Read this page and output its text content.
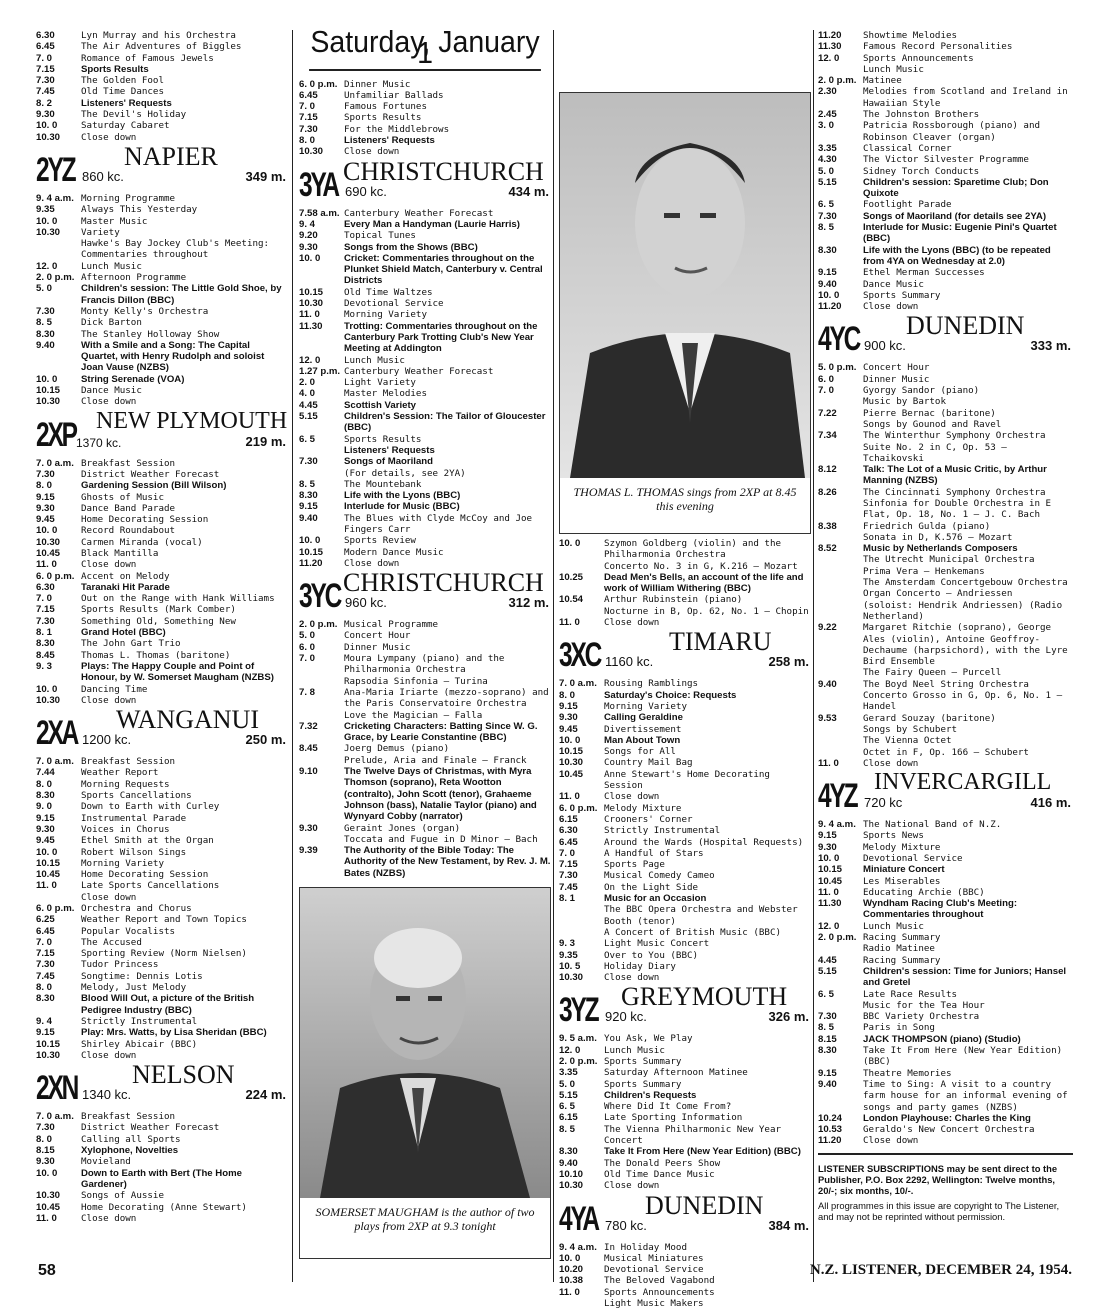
6.30	Lyn Murray and his Orchestra
6.45	The Air Adventures of Biggles
7. 0	Romance of Famous Jewels
7.15	Sports Results
7.30	The Golden Fool
7.45	Old Time Dances
8. 2	Listeners' Requests
9.30	The Devil's Holiday
10. 0	Saturday Cabaret
10.30	Close down
2YZ 860 kc.
NAPIER
349 m.
9. 4 a.m. Morning Programme
9.35	Always This Yesterday
10. 0	Master Music
10.30	Variety
Hawke's Bay Jockey Club's Meeting: Commentaries throughout
12. 0	Lunch Music
2. 0 p.m. Afternoon Programme
5. 0	Children's session: The Little Gold Shoe, by Francis Dillon (BBC)
7.30	Monty Kelly's Orchestra
8. 5	Dick Barton
8.30	The Stanley Holloway Show
9.40	With a Smile and a Song: The Capital Quartet, with Henry Rudolph and soloist Joan Vause (NZBS)
10. 0	String Serenade (VOA)
10.15	Dance Music
10.30	Close down
2XP 1370 kc.
NEW PLYMOUTH
219 m.
7. 0 a.m. Breakfast Session
7.30	District Weather Forecast
8. 0	Gardening Session (Bill Wilson)
9.15	Ghosts of Music
9.30	Dance Band Parade
9.45	Home Decorating Session
10. 0	Record Roundabout
10.30	Carmen Miranda (vocal)
10.45	Black Mantilla
11. 0	Close down
6. 0 p.m. Accent on Melody
6.30	Taranaki Hit Parade
7. 0	Out on the Range with Hank Williams
7.15	Sports Results (Mark Comber)
7.30	Something Old, Something New
8. 1	Grand Hotel (BBC)
8.30	The John Gart Trio
8.45	Thomas L. Thomas (baritone)
9. 3	Plays: The Happy Couple and Point of Honour, by W. Somerset Maugham (NZBS)
10. 0	Dancing Time
10.30	Close down
2XA 1200 kc.
WANGANUI
250 m.
7. 0 a.m. Breakfast Session
7.44	Weather Report
8. 0	Morning Requests
8.30	Sports Cancellations
9. 0	Down to Earth with Curley
9.15	Instrumental Parade
9.30	Voices in Chorus
9.45	Ethel Smith at the Organ
10. 0	Robert Wilson Sings
10.15	Morning Variety
10.45	Home Decorating Session
11. 0	Late Sports Cancellations
Close down
6. 0 p.m. Orchestra and Chorus
6.25	Weather Report and Town Topics
6.45	Popular Vocalists
7. 0	The Accused
7.15	Sporting Review (Norm Nielsen)
7.30	Tudor Princess
7.45	Songtime: Dennis Lotis
8. 0	Melody, Just Melody
8.30	Blood Will Out, a picture of the British Pedigree Industry (BBC)
9. 4	Strictly Instrumental
9.15	Play: Mrs. Watts, by Lisa Sheridan (BBC)
10.15	Shirley Abicair (BBC)
10.30	Close down
2XN 1340 kc.
NELSON
224 m.
7. 0 a.m. Breakfast Session
7.30	District Weather Forecast
8. 0	Calling all Sports
8.15	Xylophone, Novelties
9.30	Movieland
10. 0	Down to Earth with Bert (The Home Gardener)
10.30	Songs of Aussie
10.45	Home Decorating (Anne Stewart)
11. 0	Close down
Saturday, January 1
6. 0 p.m. Dinner Music
6.45	Unfamiliar Ballads
7. 0	Famous Fortunes
7.15	Sports Results
7.30	For the Middlebrows
8. 0	Listeners' Requests
10.30	Close down
3YA 690 kc.
CHRISTCHURCH
434 m.
7.58 a.m. Canterbury Weather Forecast
9. 4	Every Man a Handyman (Laurie Harris)
9.20	Topical Tunes
9.30	Songs from the Shows (BBC)
10. 0	Cricket: Commentaries throughout on the Plunket Shield Match, Canterbury v. Central Districts
10.15	Old Time Waltzes
10.30	Devotional Service
11. 0	Morning Variety
11.30	Trotting: Commentaries throughout on the Canterbury Park Trotting Club's New Year Meeting at Addington
12. 0	Lunch Music
1.27 p.m. Canterbury Weather Forecast
2. 0	Light Variety
4. 0	Master Melodies
4.45	Scottish Variety
5.15	Children's Session: The Tailor of Gloucester (BBC)
6. 5	Sports Results
Listeners' Requests
7.30	Songs of Maoriland
(For details, see 2YA)
8. 5	The Mountebank
8.30	Life with the Lyons (BBC)
9.15	Interlude for Music (BBC)
9.40	The Blues with Clyde McCoy and Joe Fingers Carr
10. 0	Sports Review
10.15	Modern Dance Music
11.20	Close down
3YC 960 kc.
CHRISTCHURCH
312 m.
2. 0 p.m. Musical Programme
5. 0	Concert Hour
6. 0	Dinner Music
7. 0	Moura Lympany (piano) and the Philharmonia Orchestra
Rapsodia Sinfonia — Turina
7. 8	Ana-Maria Iriarte (mezzo-soprano) and the Paris Conservatoire Orchestra
Love the Magician — Falla
7.32	Cricketing Characters: Batting Since W. G. Grace, by Learie Constantine (BBC)
8.45	Joerg Demus (piano)
Prelude, Aria and Finale — Franck
9.10	The Twelve Days of Christmas, with Myra Thomson (soprano), Reta Wootton (contralto), John Scott (tenor), Grahaeme Johnson (bass), Natalie Taylor (piano) and Wynyard Cobby (narrator)
9.30	Geraint Jones (organ)
Toccata and Fugue in D Minor — Bach
9.39	The Authority of the Bible Today: The Authority of the New Testament, by Rev. J. M. Bates (NZBS)
SOMERSET MAUGHAM is the author of two plays from 2XP at 9.3 tonight
THOMAS L. THOMAS sings from 2XP at 8.45 this evening
10. 0	Szymon Goldberg (violin) and the Philharmonia Orchestra
Concerto No. 3 in G, K.216 — Mozart
10.25	Dead Men's Bells, an account of the life and work of William Withering (BBC)
10.54	Arthur Rubinstein (piano)
Nocturne in B, Op. 62, No. 1 — Chopin
11. 0	Close down
3XC 1160 kc.
TIMARU
258 m.
7. 0 a.m. Rousing Ramblings
8. 0	Saturday's Choice: Requests
9.15	Morning Variety
9.30	Calling Geraldine
9.45	Divertissement
10. 0	Man About Town
10.15	Songs for All
10.30	Country Mail Bag
10.45	Anne Stewart's Home Decorating Session
11. 0	Close down
6. 0 p.m. Melody Mixture
6.15	Crooners' Corner
6.30	Strictly Instrumental
6.45	Around the Wards (Hospital Requests)
7. 0	A Handful of Stars
7.15	Sports Page
7.30	Musical Comedy Cameo
7.45	On the Light Side
8. 1	Music for an Occasion
The BBC Opera Orchestra and Webster Booth (tenor)
A Concert of British Music (BBC)
9. 3	Light Music Concert
9.35	Over to You (BBC)
10. 5	Holiday Diary
10.30	Close down
3YZ 920 kc.
GREYMOUTH
326 m.
9. 5 a.m. You Ask, We Play
12. 0	Lunch Music
2. 0 p.m. Sports Summary
3.35	Saturday Afternoon Matinee
5. 0	Sports Summary
5.15	Children's Requests
6. 5	Where Did It Come From?
6.15	Late Sporting Information
8. 5	The Vienna Philharmonic New Year Concert
8.30	Take It From Here (New Year Edition) (BBC)
9.40	The Donald Peers Show
10.10	Old Time Dance Music
10.30	Close down
4YA 780 kc.
DUNEDIN
384 m.
9. 4 a.m. In Holiday Mood
10. 0	Musical Miniatures
10.20	Devotional Service
10.38	The Beloved Vagabond
11. 0	Sports Announcements
Light Music Makers
11.20	Showtime Melodies
11.30	Famous Record Personalities
12. 0	Sports Announcements
Lunch Music
2. 0 p.m. Matinee
2.30	Melodies from Scotland and Ireland in Hawaiian Style
2.45	The Johnston Brothers
3. 0	Patricia Rossborough (piano) and Robinson Cleaver (organ)
3.35	Classical Corner
4.30	The Victor Silvester Programme
5. 0	Sidney Torch Conducts
5.15	Children's session: Sparetime Club; Don Quixote
6. 5	Footlight Parade
7.30	Songs of Maoriland (for details see 2YA)
8. 5	Interlude for Music: Eugenie Pini's Quartet (BBC)
8.30	Life with the Lyons (BBC) (to be repeated from 4YA on Wednesday at 2.0)
9.15	Ethel Merman Successes
9.40	Dance Music
10. 0	Sports Summary
11.20	Close down
4YC 900 kc.
DUNEDIN
333 m.
5. 0 p.m. Concert Hour
6. 0	Dinner Music
7. 0	Gyorgy Sandor (piano)
Music by Bartok
7.22	Pierre Bernac (baritone)
Songs by Gounod and Ravel
7.34	The Winterthur Symphony Orchestra
Suite No. 2 in C, Op. 53 — Tchaikovski
8.12	Talk: The Lot of a Music Critic, by Arthur Manning (NZBS)
8.26	The Cincinnati Symphony Orchestra Sinfonia for Double Orchestra in E Flat, Op. 18, No. 1 — J. C. Bach
8.38	Friedrich Gulda (piano)
Sonata in D, K.576 — Mozart
8.52	Music by Netherlands Composers
The Utrecht Municipal Orchestra
Prima Vera — Henkemans
The Amsterdam Concertgebouw Orchestra
Organ Concerto — Andriessen
(soloist: Hendrik Andriessen) (Radio Netherland)
9.22	Margaret Ritchie (soprano), George Ales (violin), Antoine Geoffroy-Dechaume (harpsichord), with the Lyre Bird Ensemble
The Fairy Queen — Purcell
9.40	The Boyd Neel String Orchestra
Concerto Grosso in G, Op. 6, No. 1 — Handel
9.53	Gerard Souzay (baritone)
Songs by Schubert
The Vienna Octet
Octet in F, Op. 166 — Schubert
11. 0	Close down
4YZ 720 kc
INVERCARGILL
416 m.
9. 4 a.m. The National Band of N.Z.
9.15	Sports News
9.30	Melody Mixture
10. 0	Devotional Service
10.15	Miniature Concert
10.45	Les Miserables
11. 0	Educating Archie (BBC)
11.30	Wyndham Racing Club's Meeting: Commentaries throughout
12. 0	Lunch Music
2. 0 p.m. Racing Summary
Radio Matinee
4.45	Racing Summary
5.15	Children's session: Time for Juniors; Hansel and Gretel
6. 5	Late Race Results
Music for the Tea Hour
7.30	BBC Variety Orchestra
8. 5	Paris in Song
8.15	JACK THOMPSON (piano) (Studio)
8.30	Take It From Here (New Year Edition) (BBC)
9.15	Theatre Memories
9.40	Time to Sing: A visit to a country farm house for an informal evening of songs and party games (NZBS)
10.24	London Playhouse: Charles the King
10.53	Geraldo's New Concert Orchestra
11.20	Close down
LISTENER SUBSCRIPTIONS may be sent direct to the Publisher, P.O. Box 2292, Wellington: Twelve months, 20/-; six months, 10/-.
All programmes in this issue are copyright to The Listener, and may not be reprinted without permission.
58	N.Z. LISTENER, DECEMBER 24, 1954.
